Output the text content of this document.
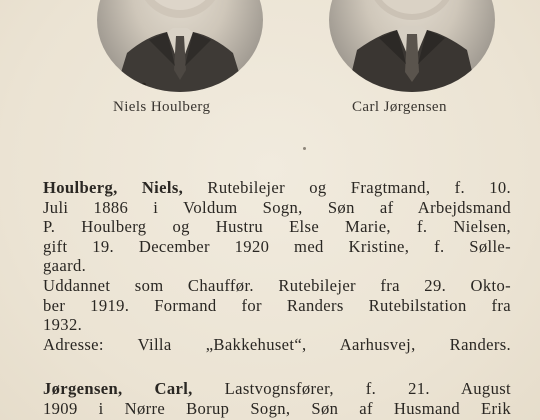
Niels Houlberg	Carl Jørgensen
Houlberg, Niels, Rutebilejer og Fragtmand, f. 10.
Juli 1886 i Voldum Sogn, Søn af Arbejdsmand
P. Houlberg og Hustru Else Marie, f. Nielsen,
gift 19. December 1920 med Kristine, f. Sølle-
gaard.
Uddannet som Chauffør. Rutebilejer fra 29. Okto-
ber 1919. Formand for Randers Rutebilstation fra
1932.
Adresse: Villa „Bakkehuset“, Aarhusvej, Randers.
Jørgensen, Carl, Lastvognsfører, f. 21. August
1909 i Nørre Borup Sogn, Søn af Husmand Erik
